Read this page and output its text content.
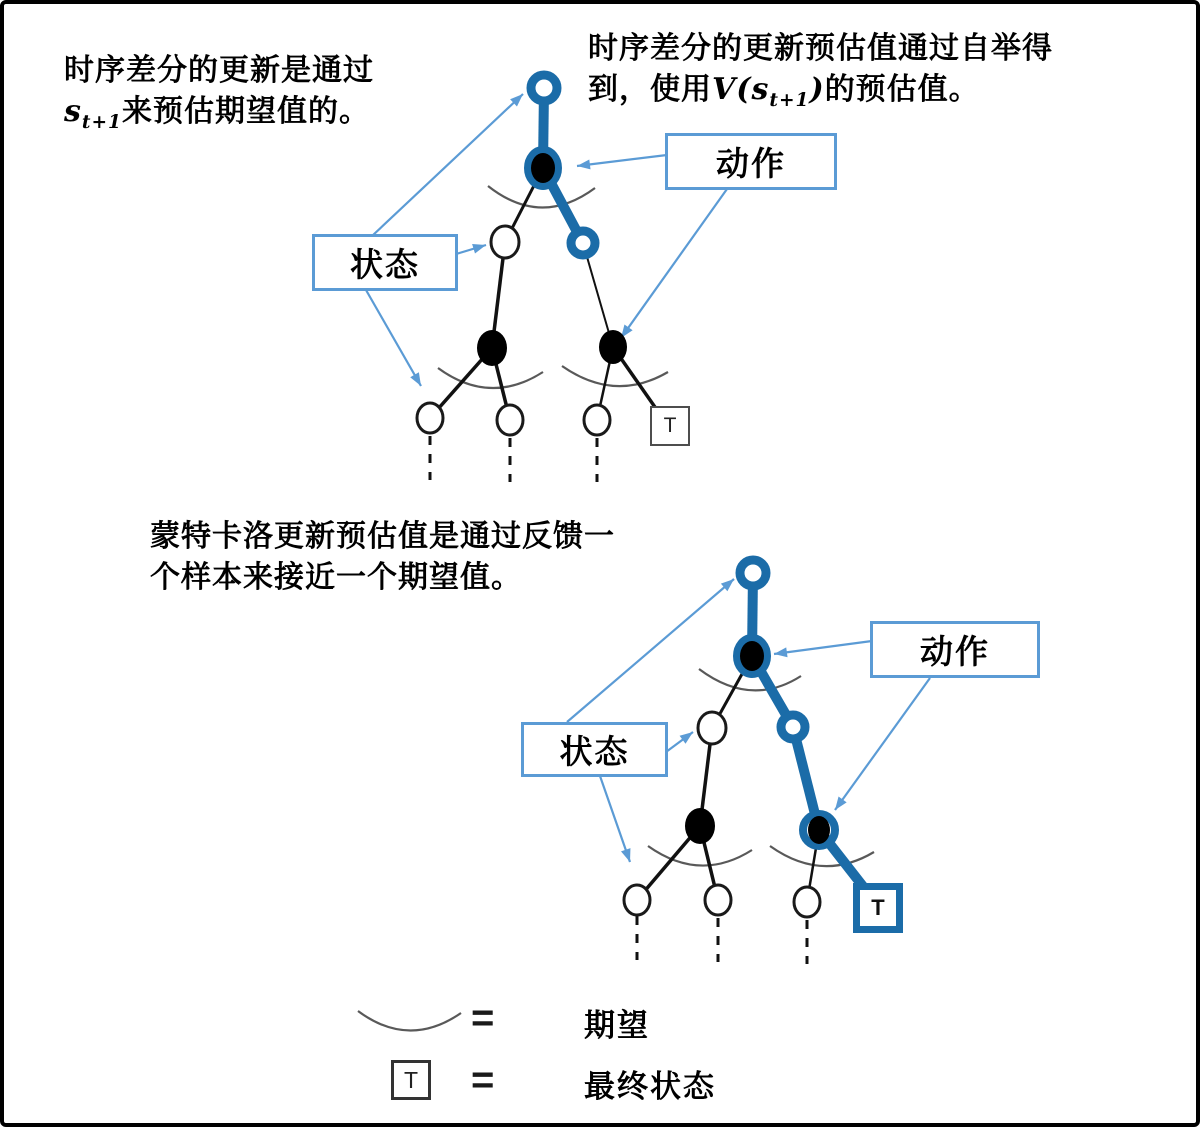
时序差分的更新是通过
$s_{t+1}$来预估期望值的。
时序差分的更新预估值通过自举得
到，使用$V(s_{t+1})$的预估值。
蒙特卡洛更新预估值是通过反馈一
个样本来接近一个期望值。
状态
动作
状态
动作
T
T
=	期望
T =	最终状态
